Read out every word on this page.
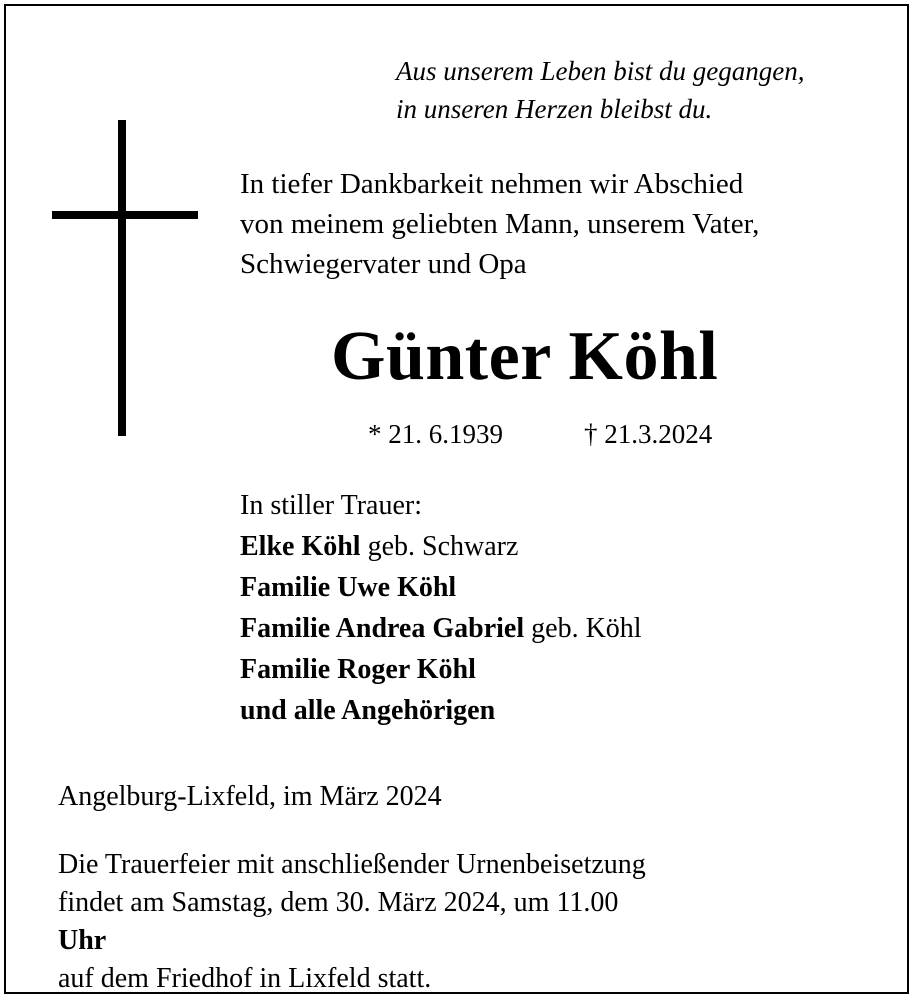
Aus unserem Leben bist du gegangen,
in unseren Herzen bleibst du.
In tiefer Dankbarkeit nehmen wir Abschied
von meinem geliebten Mann, unserem Vater,
Schwiegervater und Opa
Günter Köhl
* 21. 6.1939	† 21.3.2024
In stiller Trauer:
Elke Köhl geb. Schwarz
Familie Uwe Köhl
Familie Andrea Gabriel geb. Köhl
Familie Roger Köhl
und alle Angehörigen
Angelburg-Lixfeld, im März 2024
Die Trauerfeier mit anschließender Urnenbeisetzung
findet am Samstag, dem 30. März 2024, um 11.00
Uhr
auf dem Friedhof in Lixfeld statt.
